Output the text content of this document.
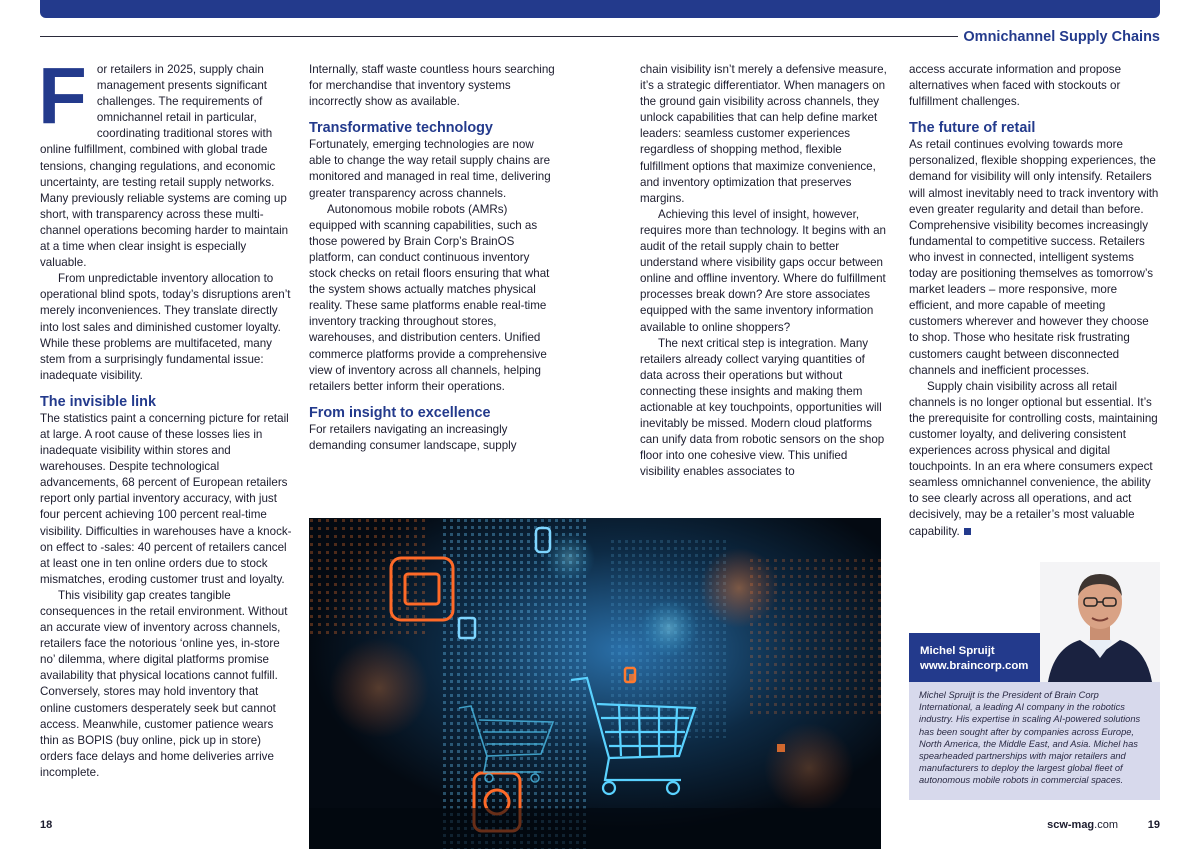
Omnichannel Supply Chains

For retailers in 2025, supply chain management presents significant challenges. The requirements of omnichannel retail in particular, coordinating traditional stores with online fulfillment, combined with global trade tensions, changing regulations, and economic uncertainty, are testing retail supply networks. Many previously reliable systems are coming up short, with transparency across these multi-channel operations becoming harder to maintain at a time when clear insight is especially valuable.

From unpredictable inventory allocation to operational blind spots, today’s disruptions aren’t merely inconveniences. They translate directly into lost sales and diminished customer loyalty. While these problems are multifaceted, many stem from a surprisingly fundamental issue: inadequate visibility.

The invisible link

The statistics paint a concerning picture for retail at large. A root cause of these losses lies in inadequate visibility within stores and warehouses. Despite technological advancements, 68 percent of European retailers report only partial inventory accuracy, with just four percent achieving 100 percent real-time visibility. Difficulties in warehouses have a knock-on effect to -sales: 40 percent of retailers cancel at least one in ten online orders due to stock mismatches, eroding customer trust and loyalty.

This visibility gap creates tangible consequences in the retail environment. Without an accurate view of inventory across channels, retailers face the notorious ‘online yes, in-store no’ dilemma, where digital platforms promise availability that physical locations cannot fulfill. Conversely, stores may hold inventory that online customers desperately seek but cannot access. Meanwhile, customer patience wears thin as BOPIS (buy online, pick up in store) orders face delays and home deliveries arrive incomplete.

Internally, staff waste countless hours searching for merchandise that inventory systems incorrectly show as available.

Transformative technology

Fortunately, emerging technologies are now able to change the way retail supply chains are monitored and managed in real time, delivering greater transparency across channels.

Autonomous mobile robots (AMRs) equipped with scanning capabilities, such as those powered by Brain Corp’s BrainOS platform, can conduct continuous inventory stock checks on retail floors ensuring that what the system shows actually matches physical reality. These same platforms enable real-time inventory tracking throughout stores, warehouses, and distribution centers. Unified commerce platforms provide a comprehensive view of inventory across all channels, helping retailers better inform their operations.

From insight to excellence

For retailers navigating an increasingly demanding consumer landscape, supply

chain visibility isn’t merely a defensive measure, it’s a strategic differentiator. When managers on the ground gain visibility across channels, they unlock capabilities that can help define market leaders: seamless customer experiences regardless of shopping method, flexible fulfillment options that maximize convenience, and inventory optimization that preserves margins.

Achieving this level of insight, however, requires more than technology. It begins with an audit of the retail supply chain to better understand where visibility gaps occur between online and offline inventory. Where do fulfillment processes break down? Are store associates equipped with the same inventory information available to online shoppers?

The next critical step is integration. Many retailers already collect varying quantities of data across their operations but without connecting these insights and making them actionable at key touchpoints, opportunities will inevitably be missed. Modern cloud platforms can unify data from robotic sensors on the shop floor into one cohesive view. This unified visibility enables associates to

access accurate information and propose alternatives when faced with stockouts or fulfillment challenges.

The future of retail

As retail continues evolving towards more personalized, flexible shopping experiences, the demand for visibility will only intensify. Retailers will almost inevitably need to track inventory with even greater regularity and detail than before. Comprehensive visibility becomes increasingly fundamental to competitive success. Retailers who invest in connected, intelligent systems today are positioning themselves as tomorrow’s market leaders – more responsive, more efficient, and more capable of meeting customers wherever and however they choose to shop. Those who hesitate risk frustrating customers caught between disconnected channels and inefficient processes.

Supply chain visibility across all retail channels is no longer optional but essential. It’s the prerequisite for controlling costs, maintaining customer loyalty, and delivering consistent experiences across physical and digital touchpoints. In an era where consumers expect seamless omnichannel convenience, the ability to see clearly across all operations, and act decisively, may be a retailer’s most valuable capability.

Michel Spruijt
www.braincorp.com
Michel Spruijt is the President of Brain Corp International, a leading AI company in the robotics industry. His expertise in scaling AI-powered solutions has been sought after by companies across Europe, North America, the Middle East, and Asia. Michel has spearheaded partnerships with major retailers and manufacturers to deploy the largest global fleet of autonomous mobile robots in commercial spaces.
18	scw-mag.com	19
